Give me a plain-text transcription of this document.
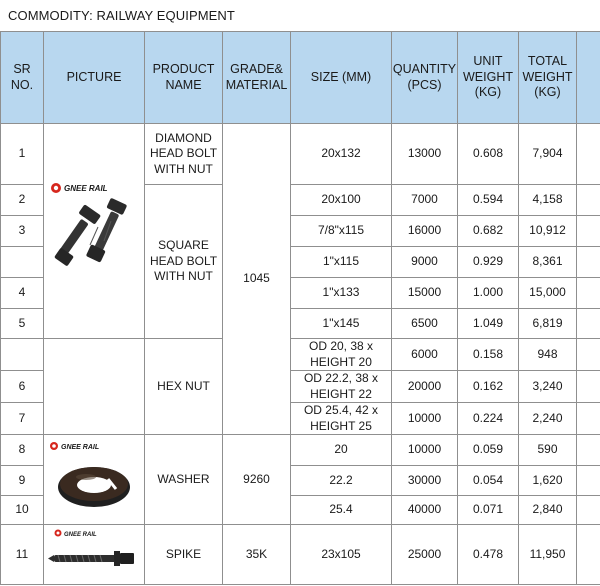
COMMODITY: RAILWAY EQUIPMENT
SR NO.	PICTURE	PRODUCT NAME	GRADE& MATERIAL	SIZE (MM)	QUANTITY (PCS)	UNIT WEIGHT (KG)	TOTAL WEIGHT (KG)	
1	GNEE RAIL	DIAMOND HEAD BOLT WITH NUT	1045	20x132	13000	0.608	7,904	
2		SQUARE HEAD BOLT WITH NUT		20x100	7000	0.594	4,158	
3				7/8"x115	16000	0.682	10,912	
				1"x115	9000	0.929	8,361	
4				1"x133	15000	1.000	15,000	
5				1"x145	6500	1.049	6,819	
		HEX NUT		OD 20, 38 x HEIGHT 20	6000	0.158	948	
6				OD 22.2, 38 x HEIGHT 22	20000	0.162	3,240	
7				OD 25.4, 42 x HEIGHT 25	10000	0.224	2,240	
8	GNEE RAIL	WASHER	9260	20	10000	0.059	590	
9				22.2	30000	0.054	1,620	
10				25.4	40000	0.071	2,840	
11	GNEE RAIL	SPIKE	35K	23x105	25000	0.478	11,950	
